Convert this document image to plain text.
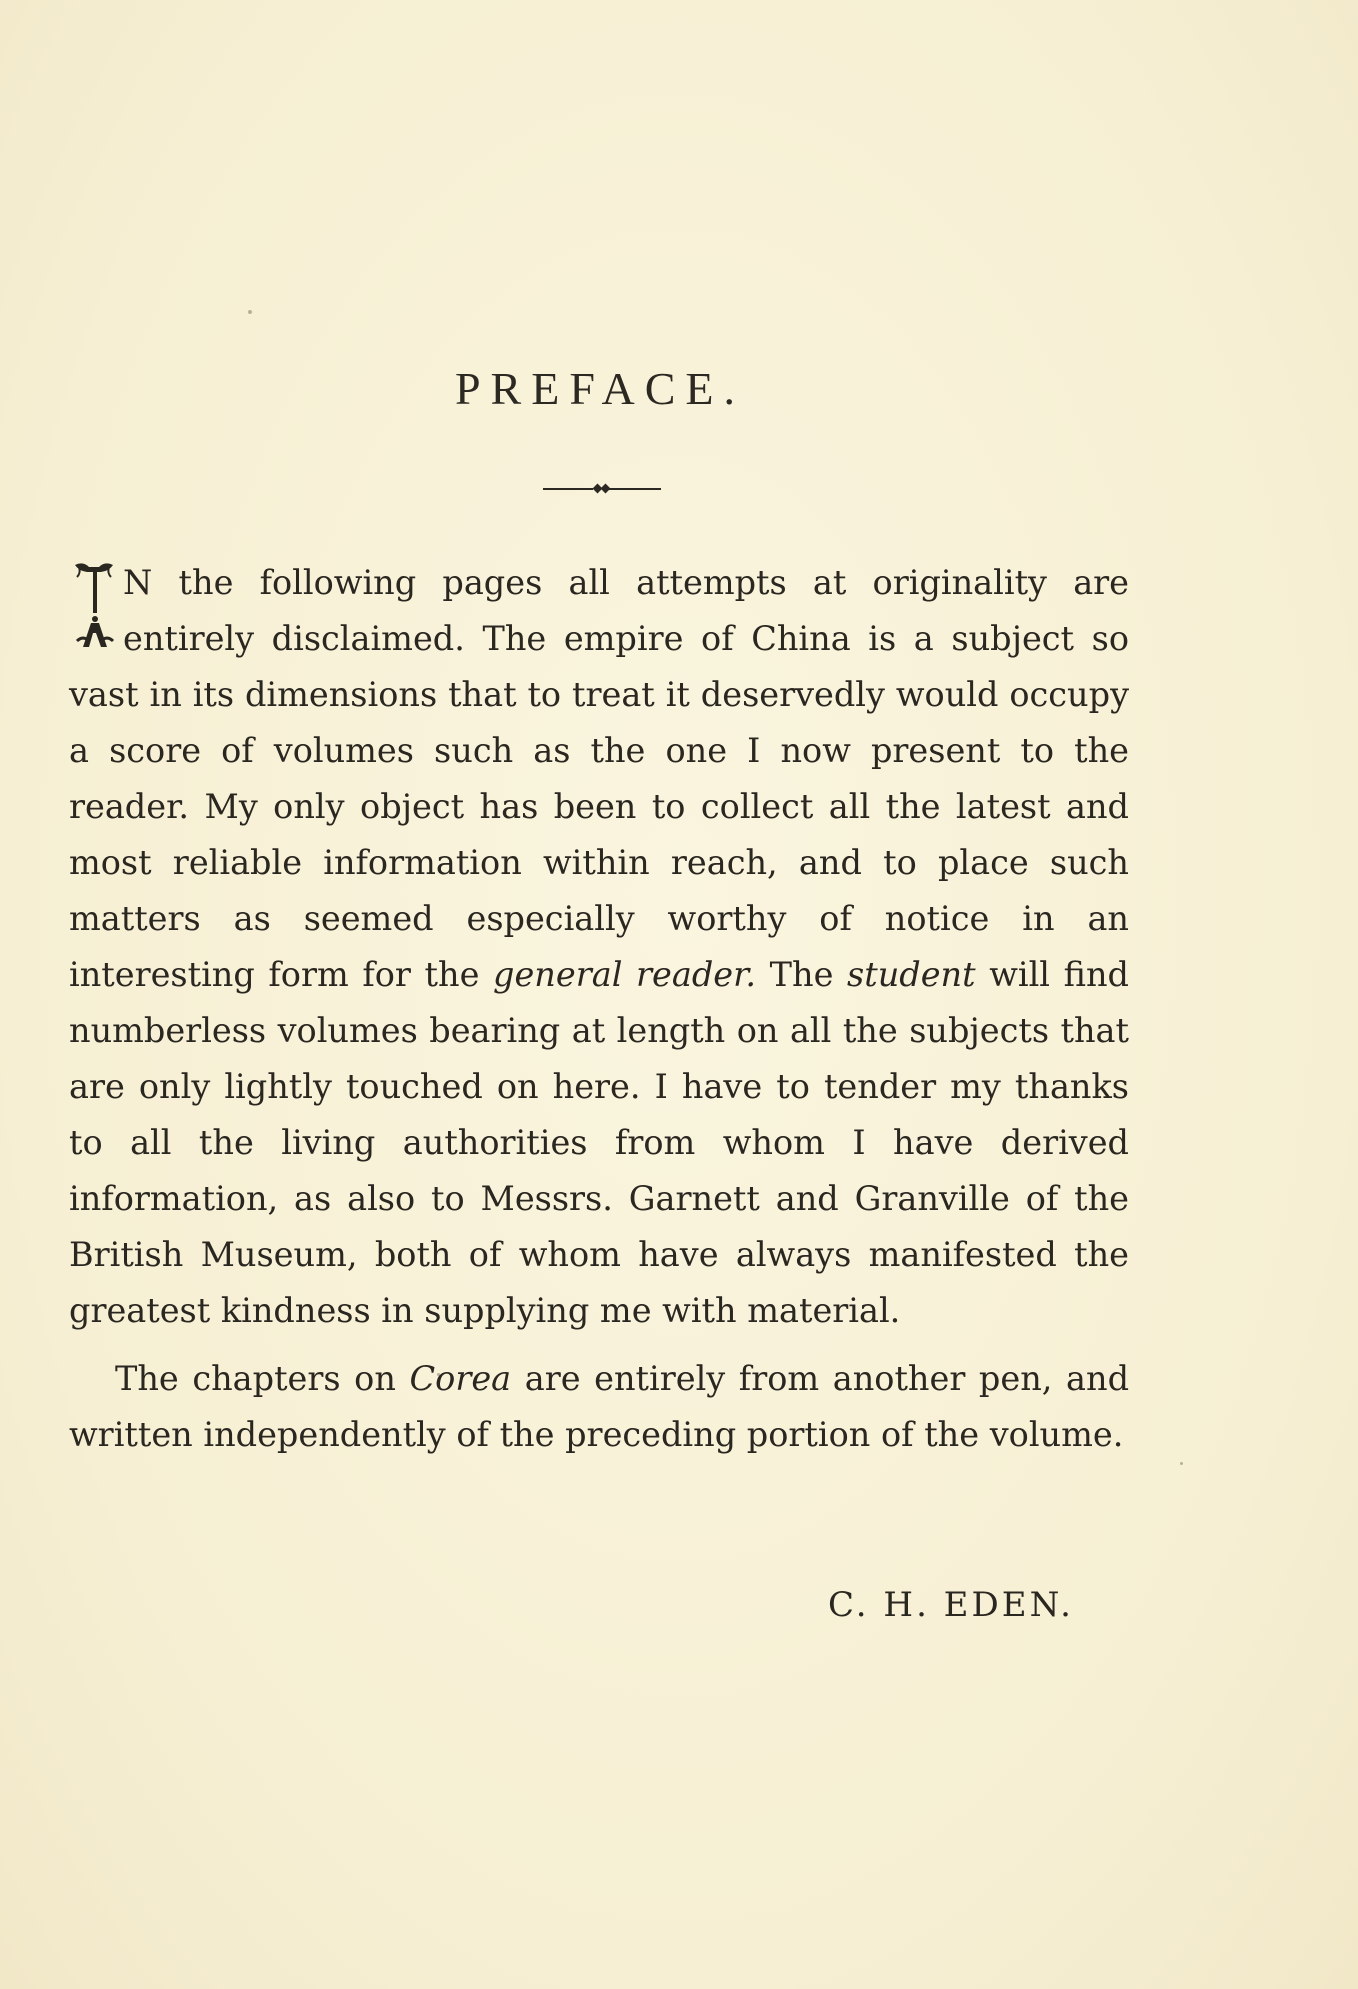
PREFACE.

N the following pages all attempts at originality are entirely disclaimed. The empire of China is a subject so vast in its dimensions that to treat it deservedly would occupy a score of volumes such as the one I now present to the reader. My only object has been to collect all the latest and most reliable information within reach, and to place such matters as seemed especially worthy of notice in an interesting form for the general reader. The student will find numberless volumes bearing at length on all the subjects that are only lightly touched on here. I have to tender my thanks to all the living authorities from whom I have derived information, as also to Messrs. Garnett and Granville of the British Museum, both of whom have always manifested the greatest kindness in supplying me with material.

The chapters on Corea are entirely from another pen, and written independently of the preceding portion of the volume.

C. H. EDEN.
